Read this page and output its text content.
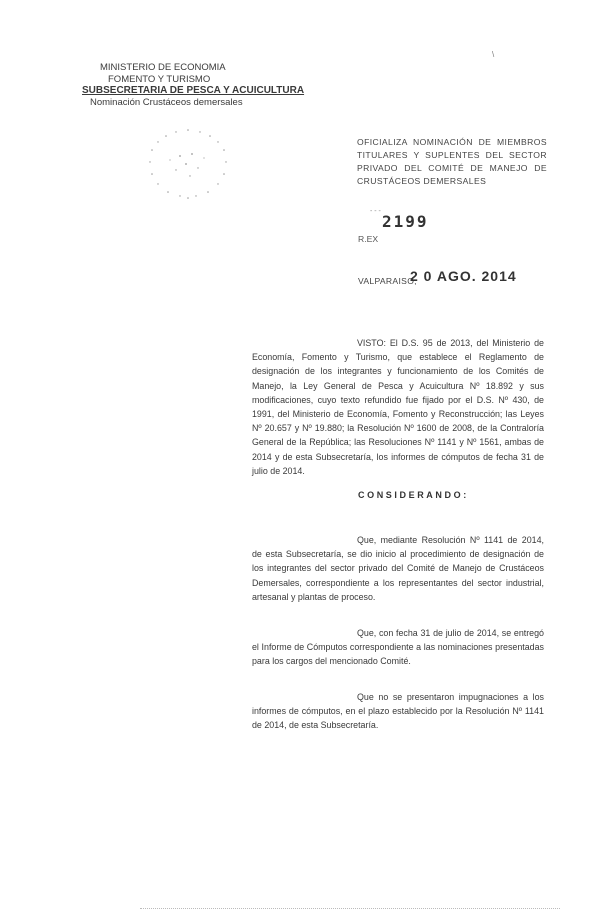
\
MINISTERIO DE ECONOMIA
FOMENTO Y TURISMO
SUBSECRETARIA DE PESCA Y ACUICULTURA
Nominación Crustáceos demersales
OFICIALIZA NOMINACIÓN DE MIEMBROS TITULARES Y SUPLENTES DEL SECTOR PRIVADO DEL COMITÉ DE MANEJO DE CRUSTÁCEOS DEMERSALES
- - -
2199
R.EX
VALPARAISO,
2 0 AGO. 2014
VISTO: El D.S. 95 de 2013, del Ministerio de Economía, Fomento y Turismo, que establece el Reglamento de designación de los integrantes y funcionamiento de los Comités de Manejo, la Ley General de Pesca y Acuicultura Nº 18.892 y sus modificaciones, cuyo texto refundido fue fijado por el D.S. Nº 430, de 1991, del Ministerio de Economía, Fomento y Reconstrucción; las Leyes Nº 20.657 y Nº 19.880; la Resolución Nº 1600 de 2008, de la Contraloría General de la República; las Resoluciones Nº 1141 y Nº 1561, ambas de 2014 y de esta Subsecretaría, los informes de cómputos de fecha 31 de julio de 2014.
CONSIDERANDO:
Que, mediante Resolución Nº 1141 de 2014, de esta Subsecretaría, se dio inicio al procedimiento de designación de los integrantes del sector privado del Comité de Manejo de Crustáceos Demersales, correspondiente a los representantes del sector industrial, artesanal y plantas de proceso.
Que, con fecha 31 de julio de 2014, se entregó el Informe de Cómputos correspondiente a las nominaciones presentadas para los cargos del mencionado Comité.
Que no se presentaron impugnaciones a los informes de cómputos, en el plazo establecido por la Resolución Nº 1141 de 2014, de esta Subsecretaría.
